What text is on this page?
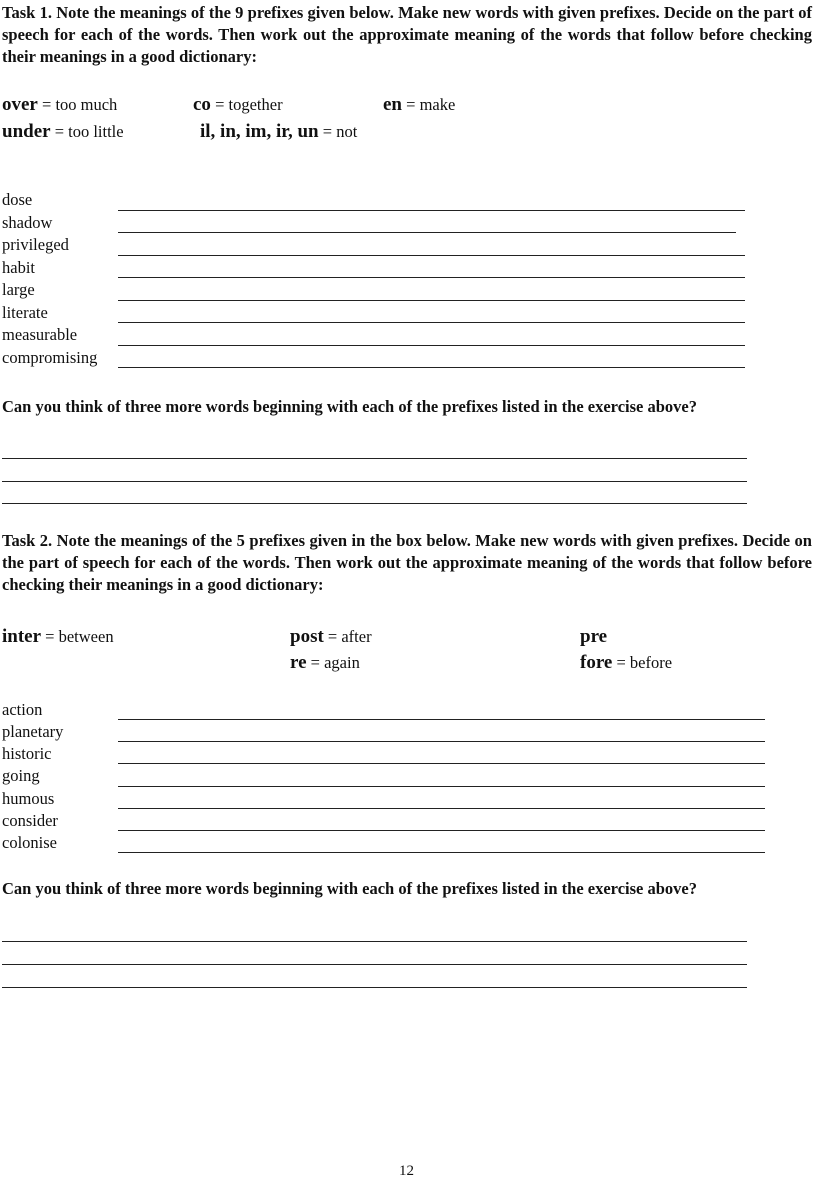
Task 1. Note the meanings of the 9 prefixes given below. Make new words with given prefixes. Decide on the part of speech for each of the words. Then work out the approximate meaning of the words that follow before checking their meanings in a good dictionary:
over = too much	co = together	en = make
under = too little	il, in, im, ir, un = not
dose
shadow
privileged
habit
large
literate
measurable
compromising
Can you think of three more words beginning with each of the prefixes listed in the exercise above?
Task 2. Note the meanings of the 5 prefixes given in the box below. Make new words with given prefixes. Decide on the part of speech for each of the words. Then work out the approximate meaning of the words that follow before checking their meanings in a good dictionary:
inter = between	post = after	pre
re = again	fore = before
action
planetary
historic
going
humous
consider
colonise
Can you think of three more words beginning with each of the prefixes listed in the exercise above?
12
